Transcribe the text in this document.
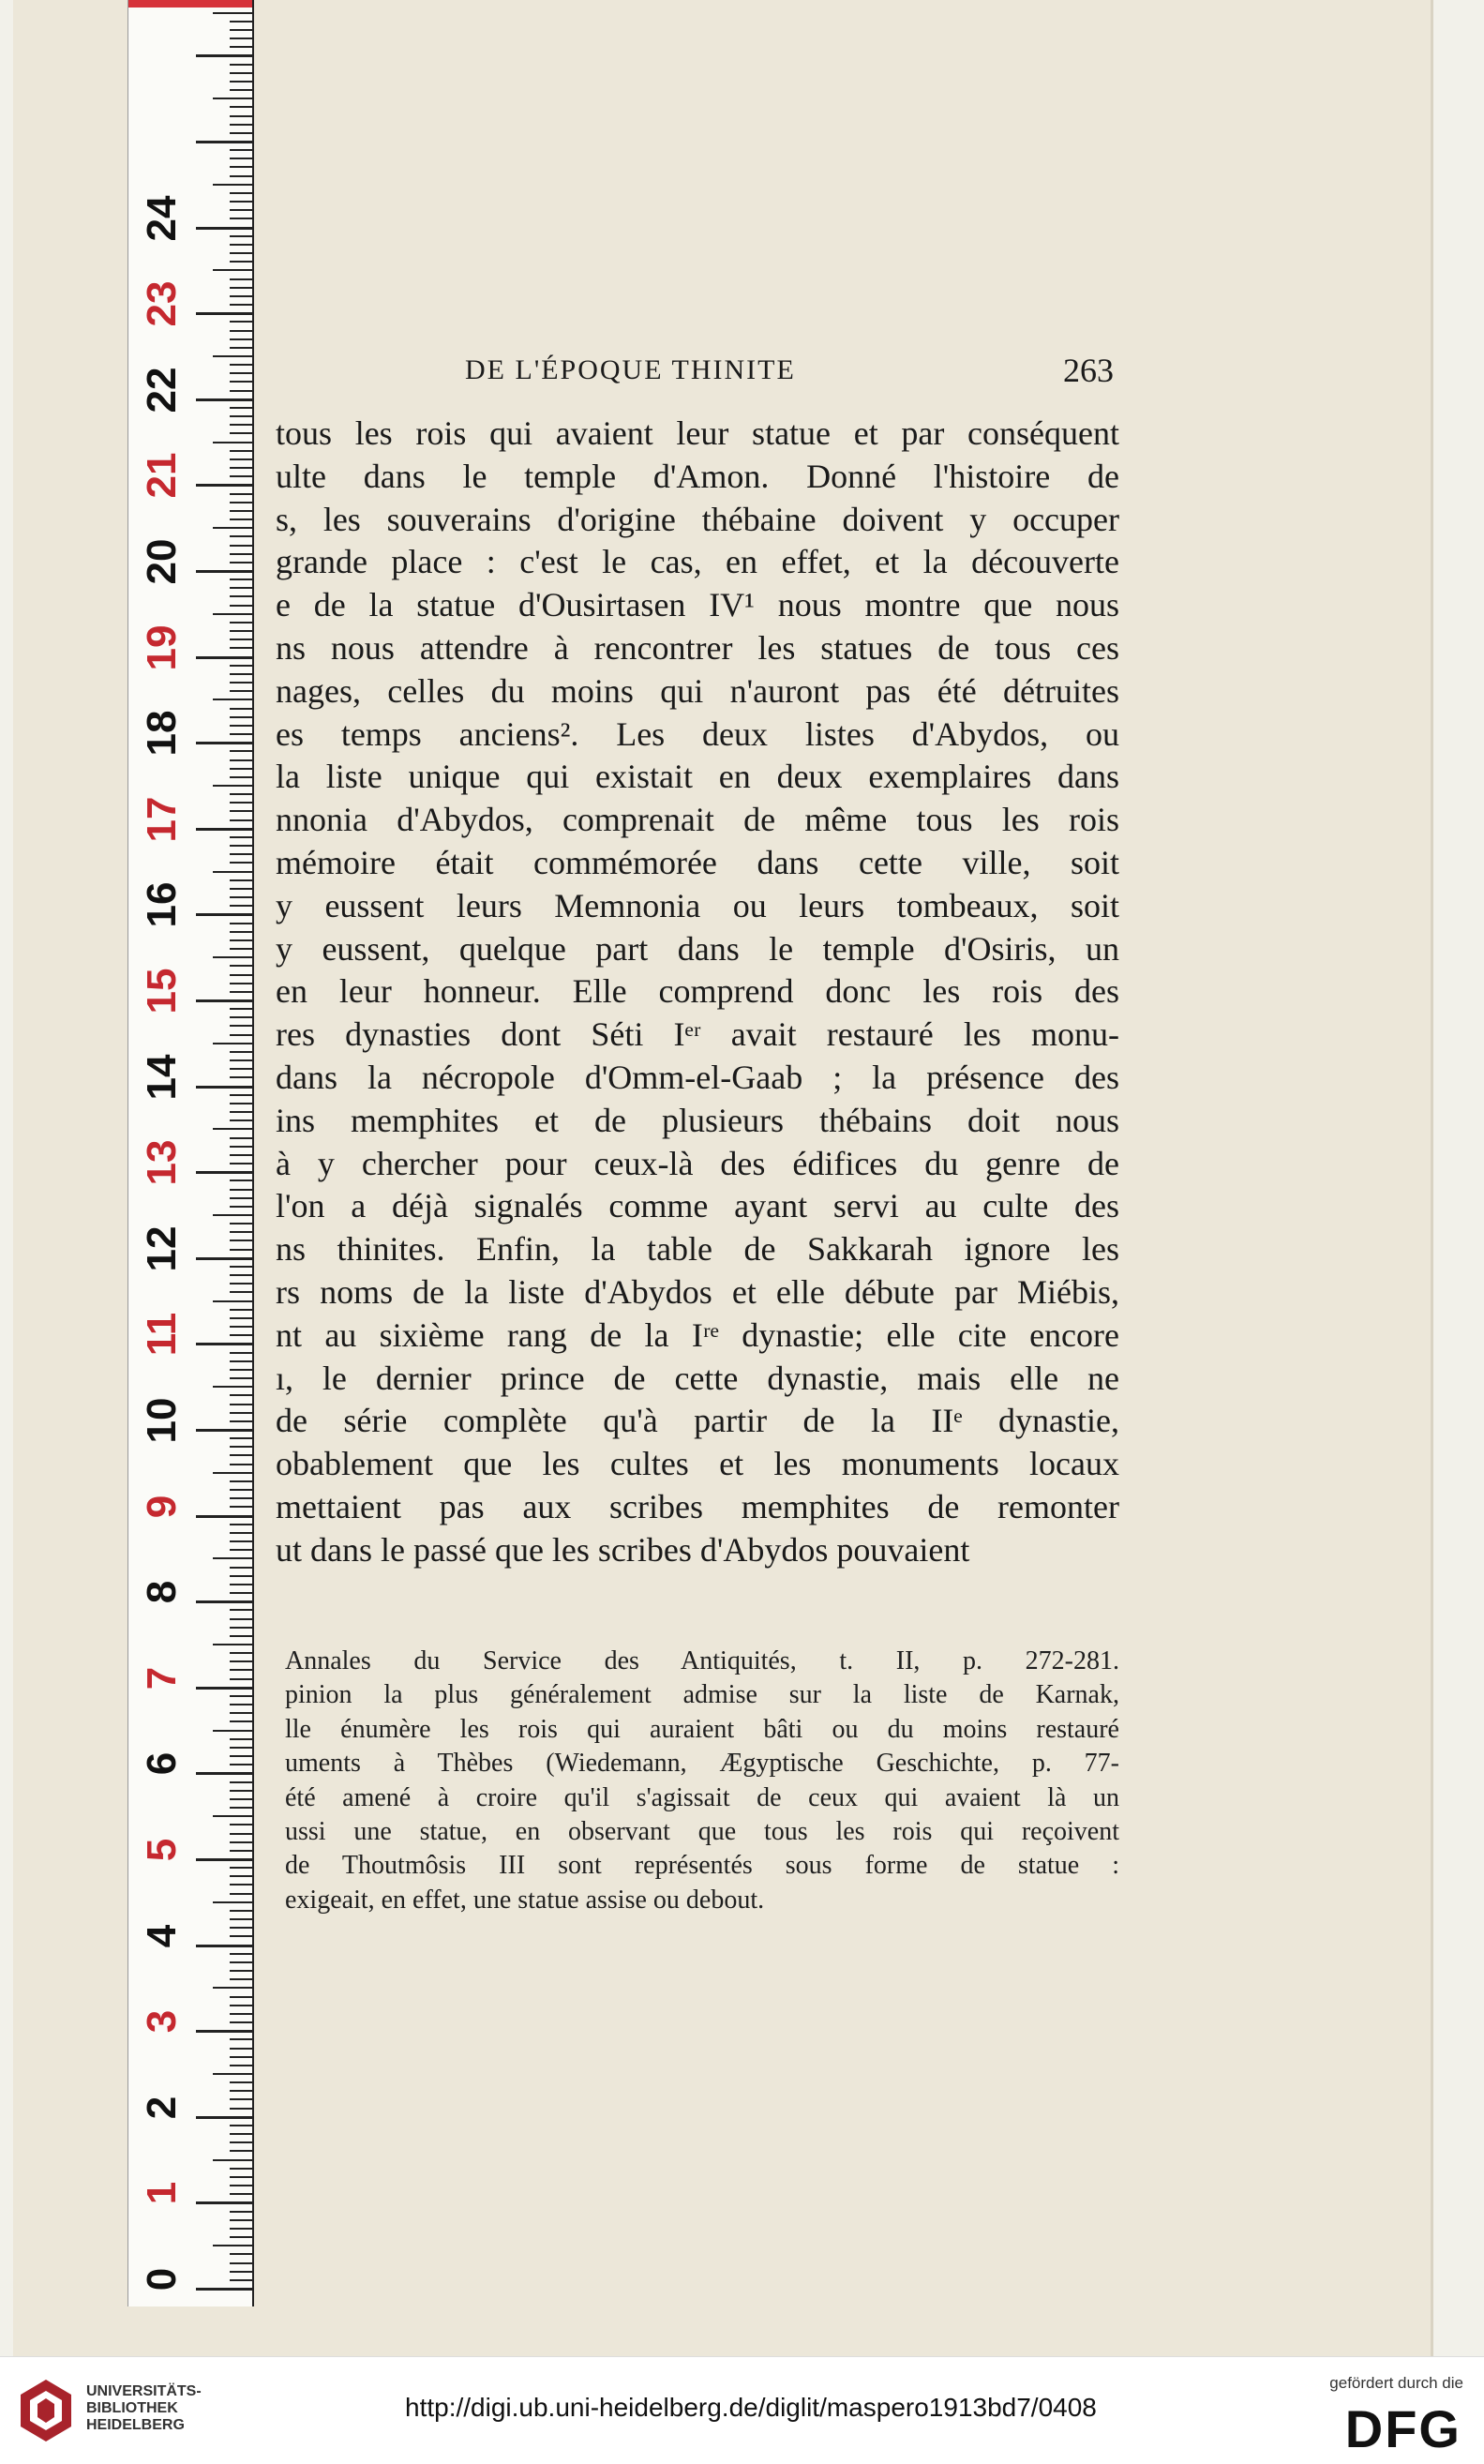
DE L'ÉPOQUE THINITE	263
tous les rois qui avaient leur statue et par conséquent
ulte dans le temple d'Amon. Donné l'histoire de
s, les souverains d'origine thébaine doivent y occuper
grande place : c'est le cas, en effet, et la découverte
e de la statue d'Ousirtasen IV¹ nous montre que nous
ns nous attendre à rencontrer les statues de tous ces
nages, celles du moins qui n'auront pas été détruites
es temps anciens². Les deux listes d'Abydos, ou
la liste unique qui existait en deux exemplaires dans
nnonia d'Abydos, comprenait de même tous les rois
mémoire était commémorée dans cette ville, soit
y eussent leurs Memnonia ou leurs tombeaux, soit
y eussent, quelque part dans le temple d'Osiris, un
en leur honneur. Elle comprend donc les rois des
res dynasties dont Séti Iᵉʳ avait restauré les monu-
dans la nécropole d'Omm-el-Gaab ; la présence des
ins memphites et de plusieurs thébains doit nous
à y chercher pour ceux-là des édifices du genre de
l'on a déjà signalés comme ayant servi au culte des
ns thinites. Enfin, la table de Sakkarah ignore les
rs noms de la liste d'Abydos et elle débute par Miébis,
nt au sixième rang de la Iʳᵉ dynastie; elle cite encore
ı, le dernier prince de cette dynastie, mais elle ne
de série complète qu'à partir de la IIᵉ dynastie,
obablement que les cultes et les monuments locaux
mettaient pas aux scribes memphites de remonter
ut dans le passé que les scribes d'Abydos pouvaient
Annales du Service des Antiquités, t. II, p. 272-281.
pinion la plus généralement admise sur la liste de Karnak,
lle énumère les rois qui auraient bâti ou du moins restauré
uments à Thèbes (Wiedemann, Ægyptische Geschichte, p. 77-
été amené à croire qu'il s'agissait de ceux qui avaient là un
ussi une statue, en observant que tous les rois qui reçoivent
de Thoutmôsis III sont représentés sous forme de statue :
exigeait, en effet, une statue assise ou debout.
24
23
22
21
20
19
18
17
16
15
14
13
12
11
10
9
8
7
6
5
4
3
2
1
0
UNIVERSITÄTS-
BIBLIOTHEK
HEIDELBERG
http://digi.ub.uni-heidelberg.de/diglit/maspero1913bd7/0408
gefördert durch die
DFG
